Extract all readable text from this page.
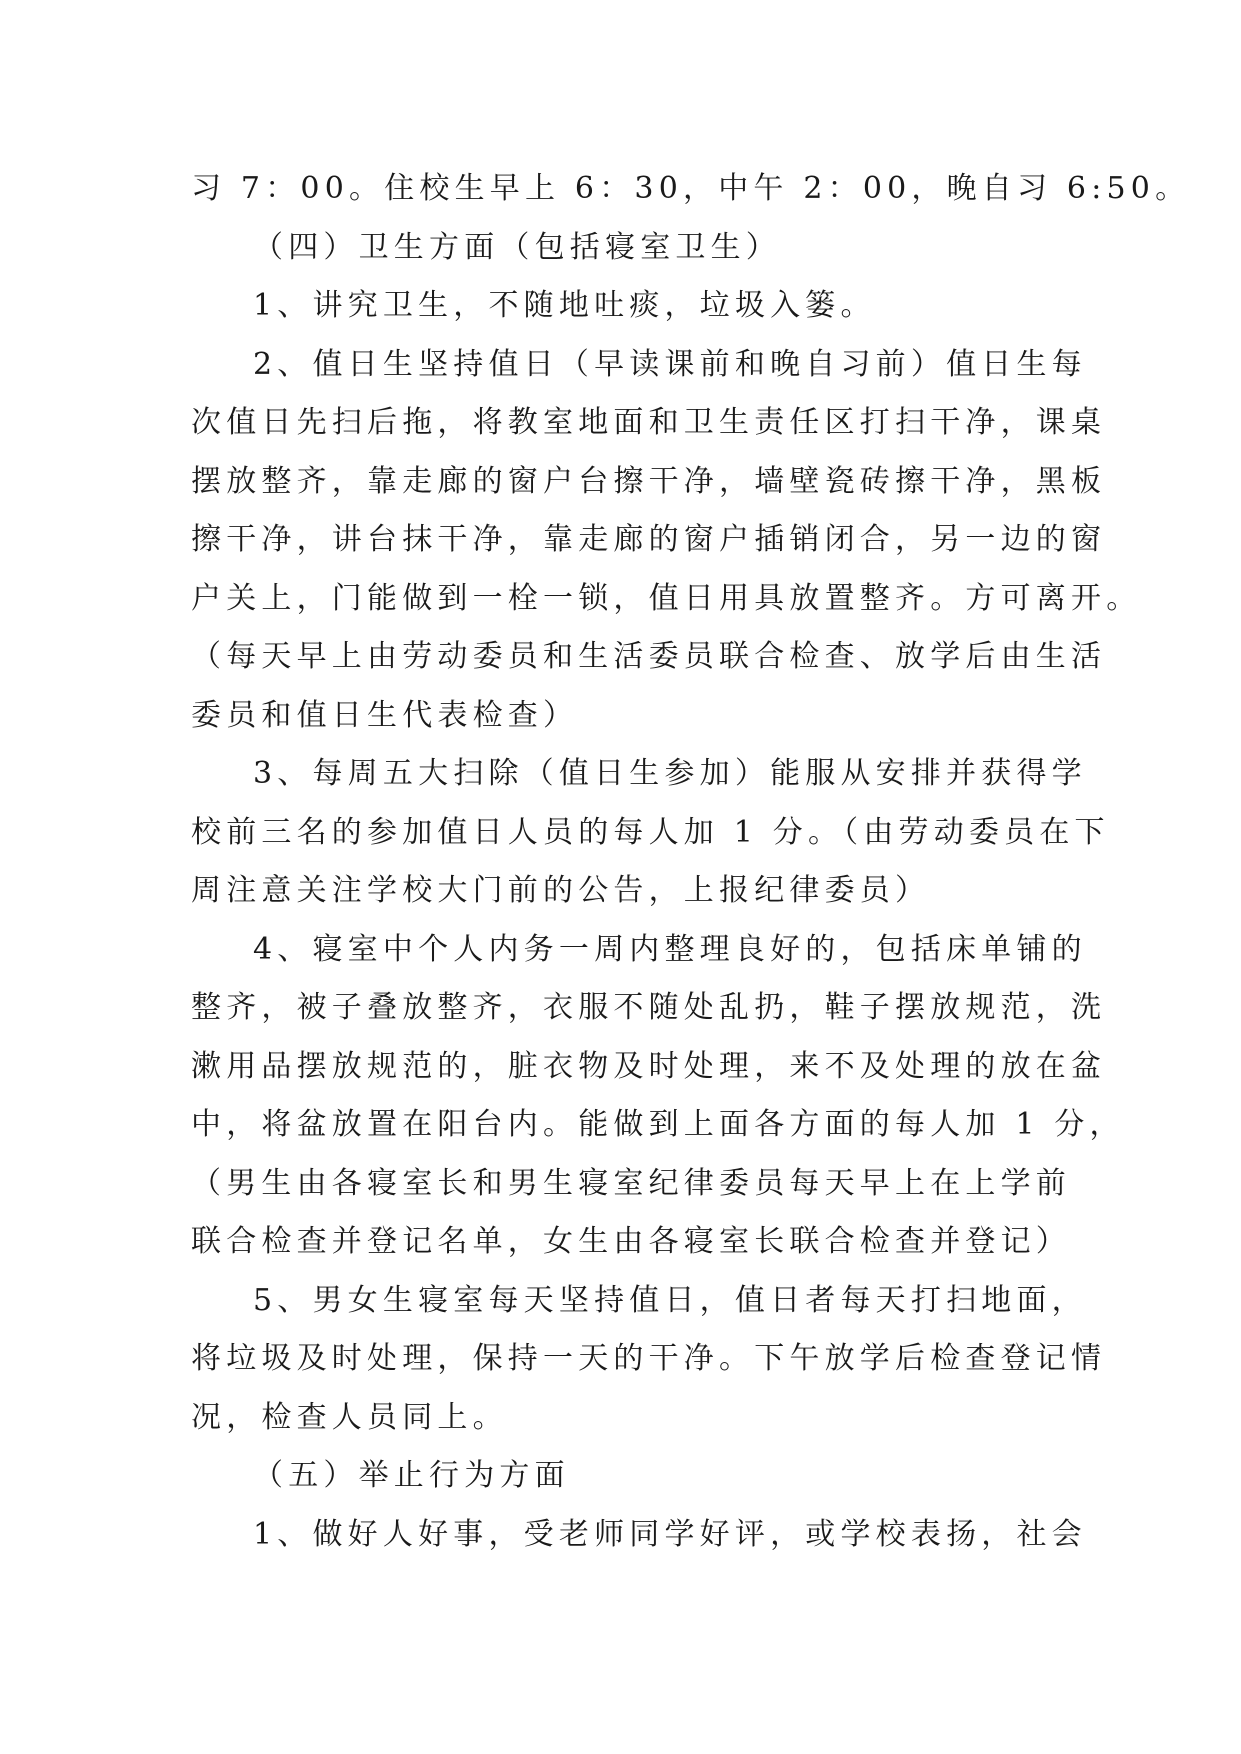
习 7：00。住校生早上 6：30，中午 2：00，晚自习 6:50。
（四）卫生方面（包括寝室卫生）
1、讲究卫生，不随地吐痰，垃圾入篓。
2、值日生坚持值日（早读课前和晚自习前）值日生每
次值日先扫后拖，将教室地面和卫生责任区打扫干净，课桌
摆放整齐，靠走廊的窗户台擦干净，墙壁瓷砖擦干净，黑板
擦干净，讲台抹干净，靠走廊的窗户插销闭合，另一边的窗
户关上，门能做到一栓一锁，值日用具放置整齐。方可离开。
（每天早上由劳动委员和生活委员联合检查、放学后由生活
委员和值日生代表检查）
3、每周五大扫除（值日生参加）能服从安排并获得学
校前三名的参加值日人员的每人加 1 分。（由劳动委员在下
周注意关注学校大门前的公告，上报纪律委员）
4、寝室中个人内务一周内整理良好的，包括床单铺的
整齐，被子叠放整齐，衣服不随处乱扔，鞋子摆放规范，洗
漱用品摆放规范的，脏衣物及时处理，来不及处理的放在盆
中，将盆放置在阳台内。能做到上面各方面的每人加 1 分，
（男生由各寝室长和男生寝室纪律委员每天早上在上学前
联合检查并登记名单，女生由各寝室长联合检查并登记）
5、男女生寝室每天坚持值日，值日者每天打扫地面，
将垃圾及时处理，保持一天的干净。下午放学后检查登记情
况，检查人员同上。
（五）举止行为方面
1、做好人好事，受老师同学好评，或学校表扬，社会
